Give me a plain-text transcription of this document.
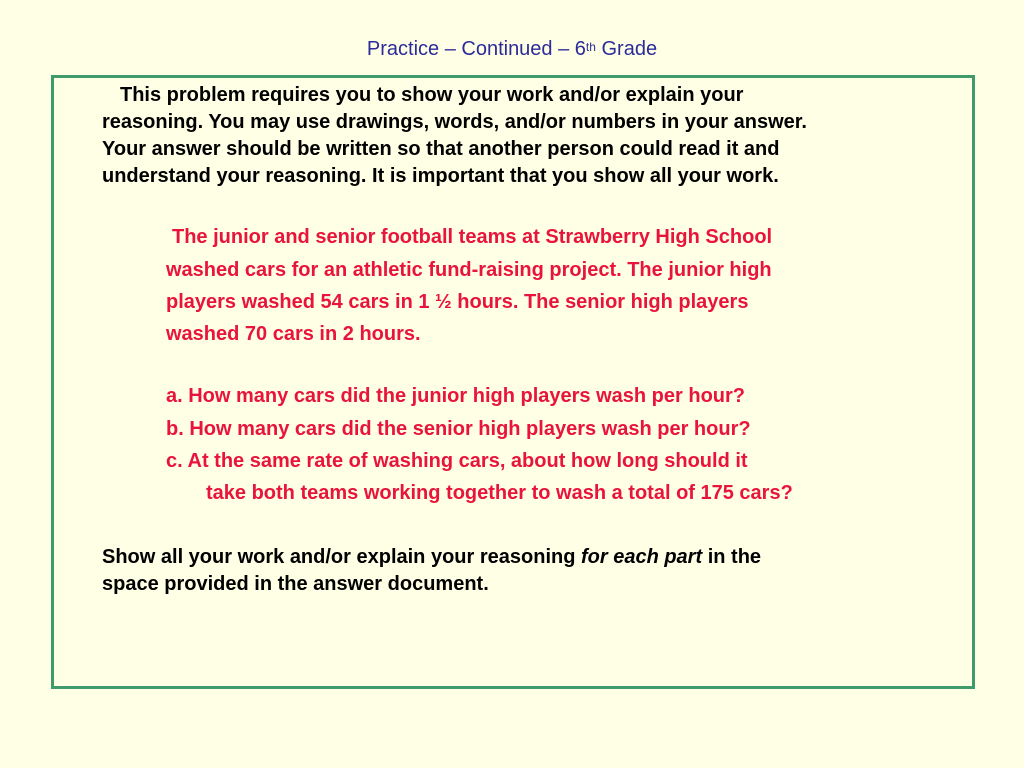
Practice – Continued – 6th Grade
This problem requires you to show your work and/or explain your
reasoning. You may use drawings, words, and/or numbers in your answer.
Your answer should be written so that another person could read it and
understand your reasoning. It is important that you show all your work.
The junior and senior football teams at Strawberry High School
washed cars for an athletic fund-raising project. The junior high
players washed 54 cars in 1 ½ hours. The senior high players
washed 70 cars in 2 hours.
a. How many cars did the junior high players wash per hour?
b. How many cars did the senior high players wash per hour?
c. At the same rate of washing cars, about how long should it
take both teams working together to wash a total of 175 cars?
Show all your work and/or explain your reasoning for each part in the
space provided in the answer document.
